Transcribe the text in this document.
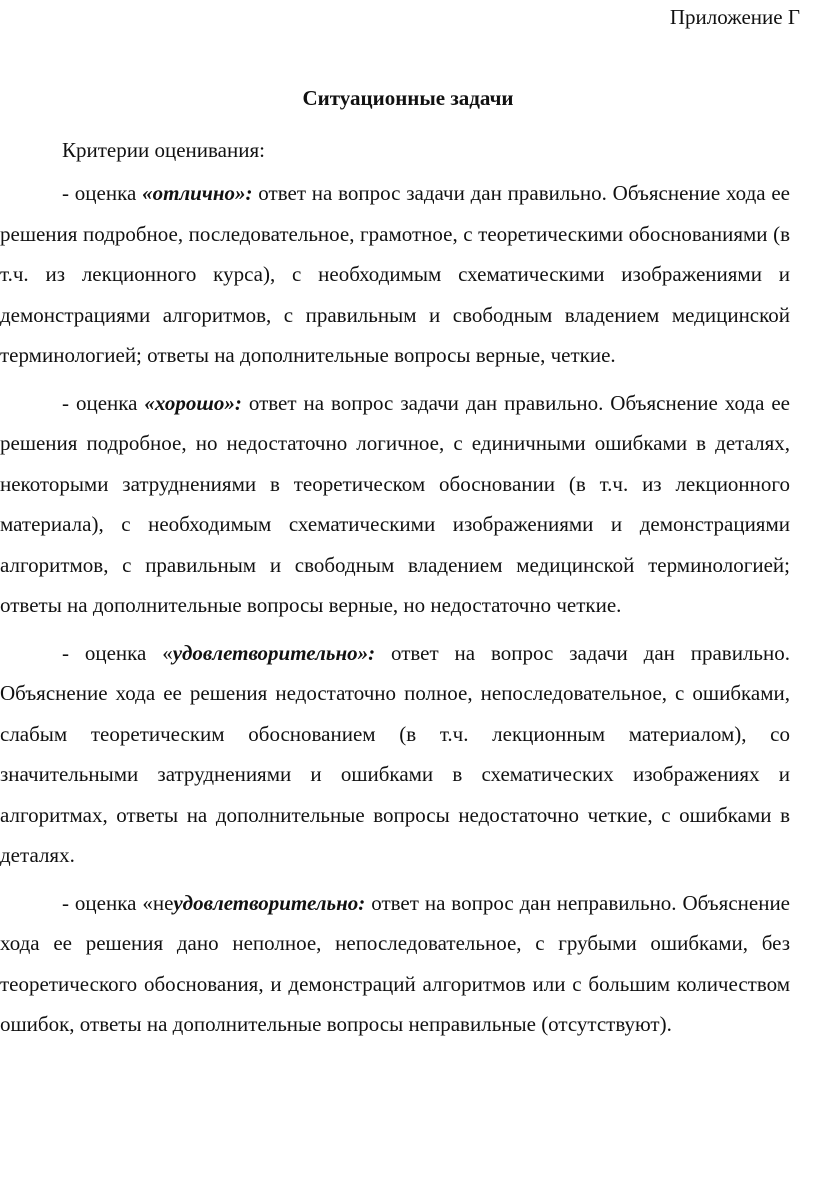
Приложение Г

Ситуационные задачи

Критерии оценивания:

- оценка «отлично»: ответ на вопрос задачи дан правильно. Объяснение хода ее решения подробное, последовательное, грамотное, с теоретическими обоснованиями (в т.ч. из лекционного курса), с необходимым схематическими изображениями и демонстрациями алгоритмов, с правильным и свободным владением медицинской терминологией; ответы на дополнительные вопросы верные, четкие.

- оценка «хорошо»: ответ на вопрос задачи дан правильно. Объяснение хода ее решения подробное, но недостаточно логичное, с единичными ошибками в деталях, некоторыми затруднениями в теоретическом обосновании (в т.ч. из лекционного материала), с необходимым схематическими изображениями и демонстрациями алгоритмов, с правильным и свободным владением медицинской терминологией; ответы на дополнительные вопросы верные, но недостаточно четкие.

- оценка «удовлетворительно»: ответ на вопрос задачи дан правильно. Объяснение хода ее решения недостаточно полное, непоследовательное, с ошибками, слабым теоретическим обоснованием (в т.ч. лекционным материалом), со значительными затруднениями и ошибками в схематических изображениях и алгоритмах, ответы на дополнительные вопросы недостаточно четкие, с ошибками в деталях.

- оценка «неудовлетворительно: ответ на вопрос дан неправильно. Объяснение хода ее решения дано неполное, непоследовательное, с грубыми ошибками, без теоретического обоснования, и демонстраций алгоритмов или с большим количеством ошибок, ответы на дополнительные вопросы неправильные (отсутствуют).
